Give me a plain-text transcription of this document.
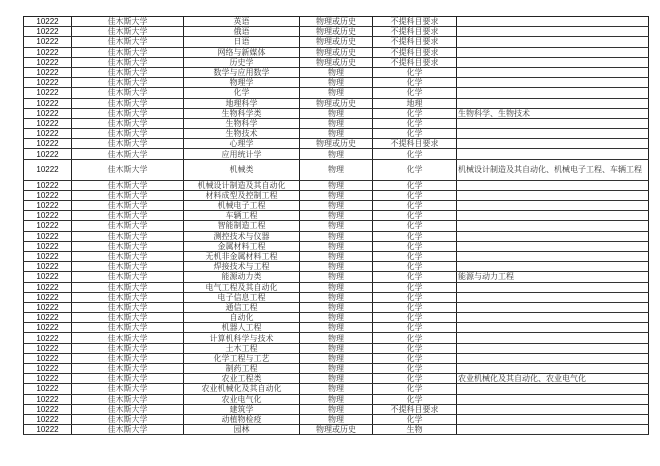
10222	佳木斯大学	英语	物理或历史	不提科目要求	
10222	佳木斯大学	俄语	物理或历史	不提科目要求	
10222	佳木斯大学	日语	物理或历史	不提科目要求	
10222	佳木斯大学	网络与新媒体	物理或历史	不提科目要求	
10222	佳木斯大学	历史学	物理或历史	不提科目要求	
10222	佳木斯大学	数学与应用数学	物理	化学	
10222	佳木斯大学	物理学	物理	化学	
10222	佳木斯大学	化学	物理	化学	
10222	佳木斯大学	地理科学	物理或历史	地理	
10222	佳木斯大学	生物科学类	物理	化学	生物科学、生物技术
10222	佳木斯大学	生物科学	物理	化学	
10222	佳木斯大学	生物技术	物理	化学	
10222	佳木斯大学	心理学	物理或历史	不提科目要求	
10222	佳木斯大学	应用统计学	物理	化学	
10222	佳木斯大学	机械类	物理	化学	机械设计制造及其自动化、机械电子工程、车辆工程
10222	佳木斯大学	机械设计制造及其自动化	物理	化学	
10222	佳木斯大学	材料成型及控制工程	物理	化学	
10222	佳木斯大学	机械电子工程	物理	化学	
10222	佳木斯大学	车辆工程	物理	化学	
10222	佳木斯大学	智能制造工程	物理	化学	
10222	佳木斯大学	测控技术与仪器	物理	化学	
10222	佳木斯大学	金属材料工程	物理	化学	
10222	佳木斯大学	无机非金属材料工程	物理	化学	
10222	佳木斯大学	焊接技术与工程	物理	化学	
10222	佳木斯大学	能源动力类	物理	化学	能源与动力工程
10222	佳木斯大学	电气工程及其自动化	物理	化学	
10222	佳木斯大学	电子信息工程	物理	化学	
10222	佳木斯大学	通信工程	物理	化学	
10222	佳木斯大学	自动化	物理	化学	
10222	佳木斯大学	机器人工程	物理	化学	
10222	佳木斯大学	计算机科学与技术	物理	化学	
10222	佳木斯大学	土木工程	物理	化学	
10222	佳木斯大学	化学工程与工艺	物理	化学	
10222	佳木斯大学	制药工程	物理	化学	
10222	佳木斯大学	农业工程类	物理	化学	农业机械化及其自动化、农业电气化
10222	佳木斯大学	农业机械化及其自动化	物理	化学	
10222	佳木斯大学	农业电气化	物理	化学	
10222	佳木斯大学	建筑学	物理	不提科目要求	
10222	佳木斯大学	动植物检疫	物理	化学	
10222	佳木斯大学	园林	物理或历史	生物	
